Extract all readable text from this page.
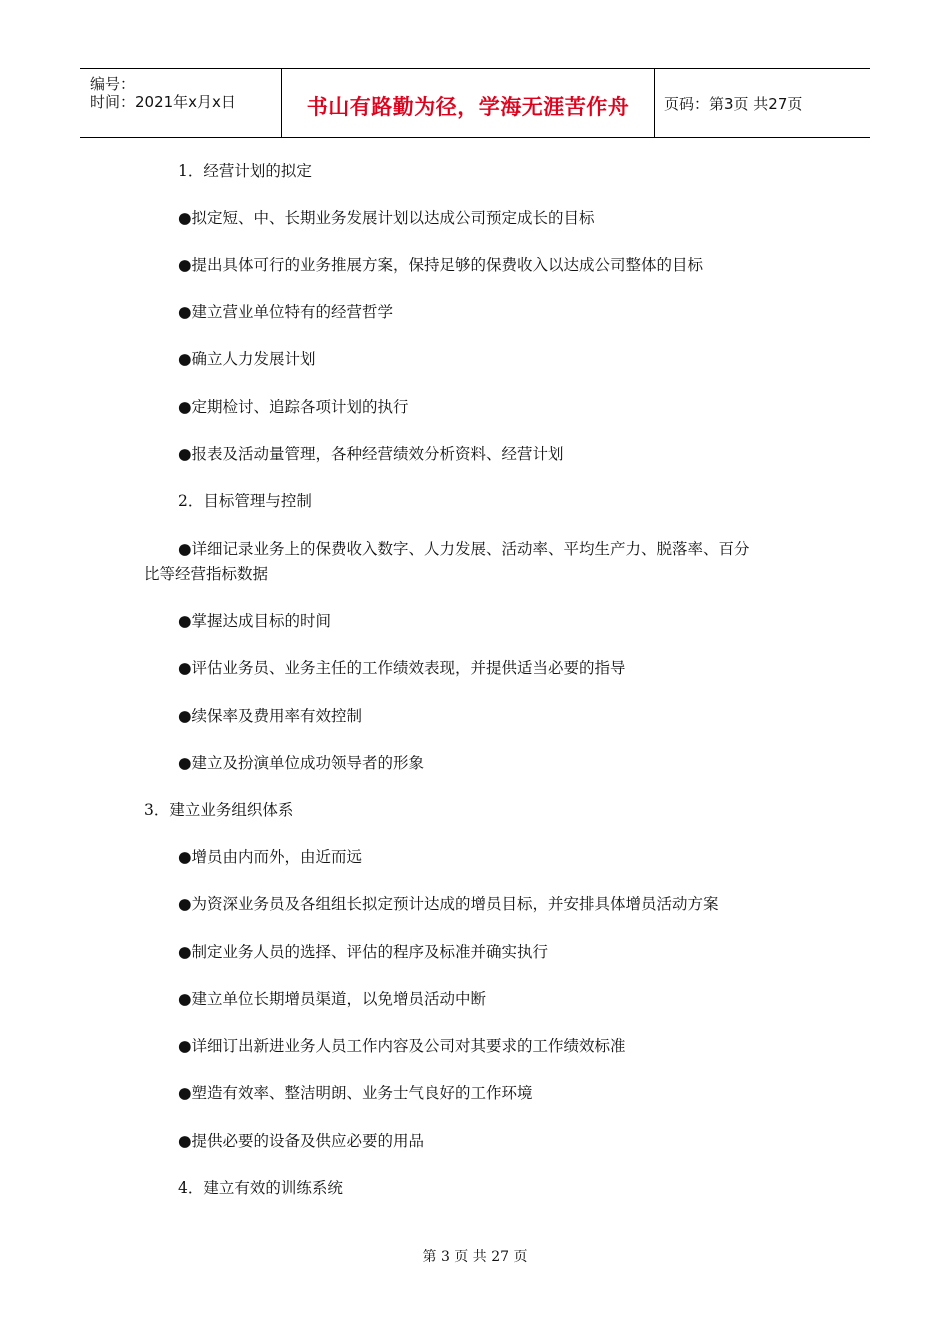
编号：
时间：2021年x月x日	书山有路勤为径，学海无涯苦作舟	页码：第3页 共27页
1．经营计划的拟定
●拟定短、中、长期业务发展计划以达成公司预定成长的目标
●提出具体可行的业务推展方案，保持足够的保费收入以达成公司整体的目标
●建立营业单位特有的经营哲学
●确立人力发展计划
●定期检讨、追踪各项计划的执行
●报表及活动量管理，各种经营绩效分析资料、经营计划
2．目标管理与控制
●详细记录业务上的保费收入数字、人力发展、活动率、平均生产力、脱落率、百分
比等经营指标数据
●掌握达成目标的时间
●评估业务员、业务主任的工作绩效表现，并提供适当必要的指导
●续保率及费用率有效控制
●建立及扮演单位成功领导者的形象
3．建立业务组织体系
●增员由内而外，由近而远
●为资深业务员及各组组长拟定预计达成的增员目标，并安排具体增员活动方案
●制定业务人员的选择、评估的程序及标准并确实执行
●建立单位长期增员渠道，以免增员活动中断
●详细订出新进业务人员工作内容及公司对其要求的工作绩效标准
●塑造有效率、整洁明朗、业务士气良好的工作环境
●提供必要的设备及供应必要的用品
4．建立有效的训练系统
第 3 页 共 27 页
